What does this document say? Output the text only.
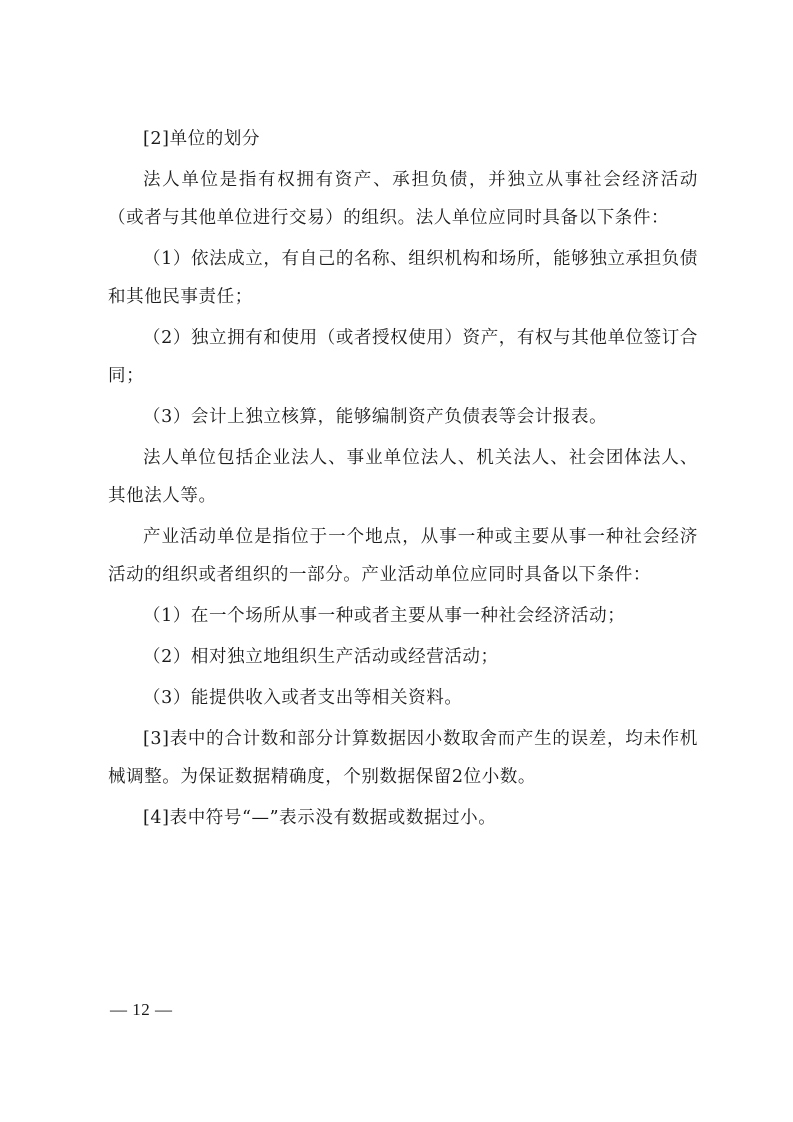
[2]单位的划分

法人单位是指有权拥有资产、承担负债，并独立从事社会经济活动（或者与其他单位进行交易）的组织。法人单位应同时具备以下条件：

（1）依法成立，有自己的名称、组织机构和场所，能够独立承担负债和其他民事责任；

（2）独立拥有和使用（或者授权使用）资产，有权与其他单位签订合同；

（3）会计上独立核算，能够编制资产负债表等会计报表。

法人单位包括企业法人、事业单位法人、机关法人、社会团体法人、其他法人等。

产业活动单位是指位于一个地点，从事一种或主要从事一种社会经济活动的组织或者组织的一部分。产业活动单位应同时具备以下条件：

（1）在一个场所从事一种或者主要从事一种社会经济活动；

（2）相对独立地组织生产活动或经营活动；

（3）能提供收入或者支出等相关资料。

[3]表中的合计数和部分计算数据因小数取舍而产生的误差，均未作机械调整。为保证数据精确度，个别数据保留2位小数。

[4]表中符号“—”表示没有数据或数据过小。

— 12 —
